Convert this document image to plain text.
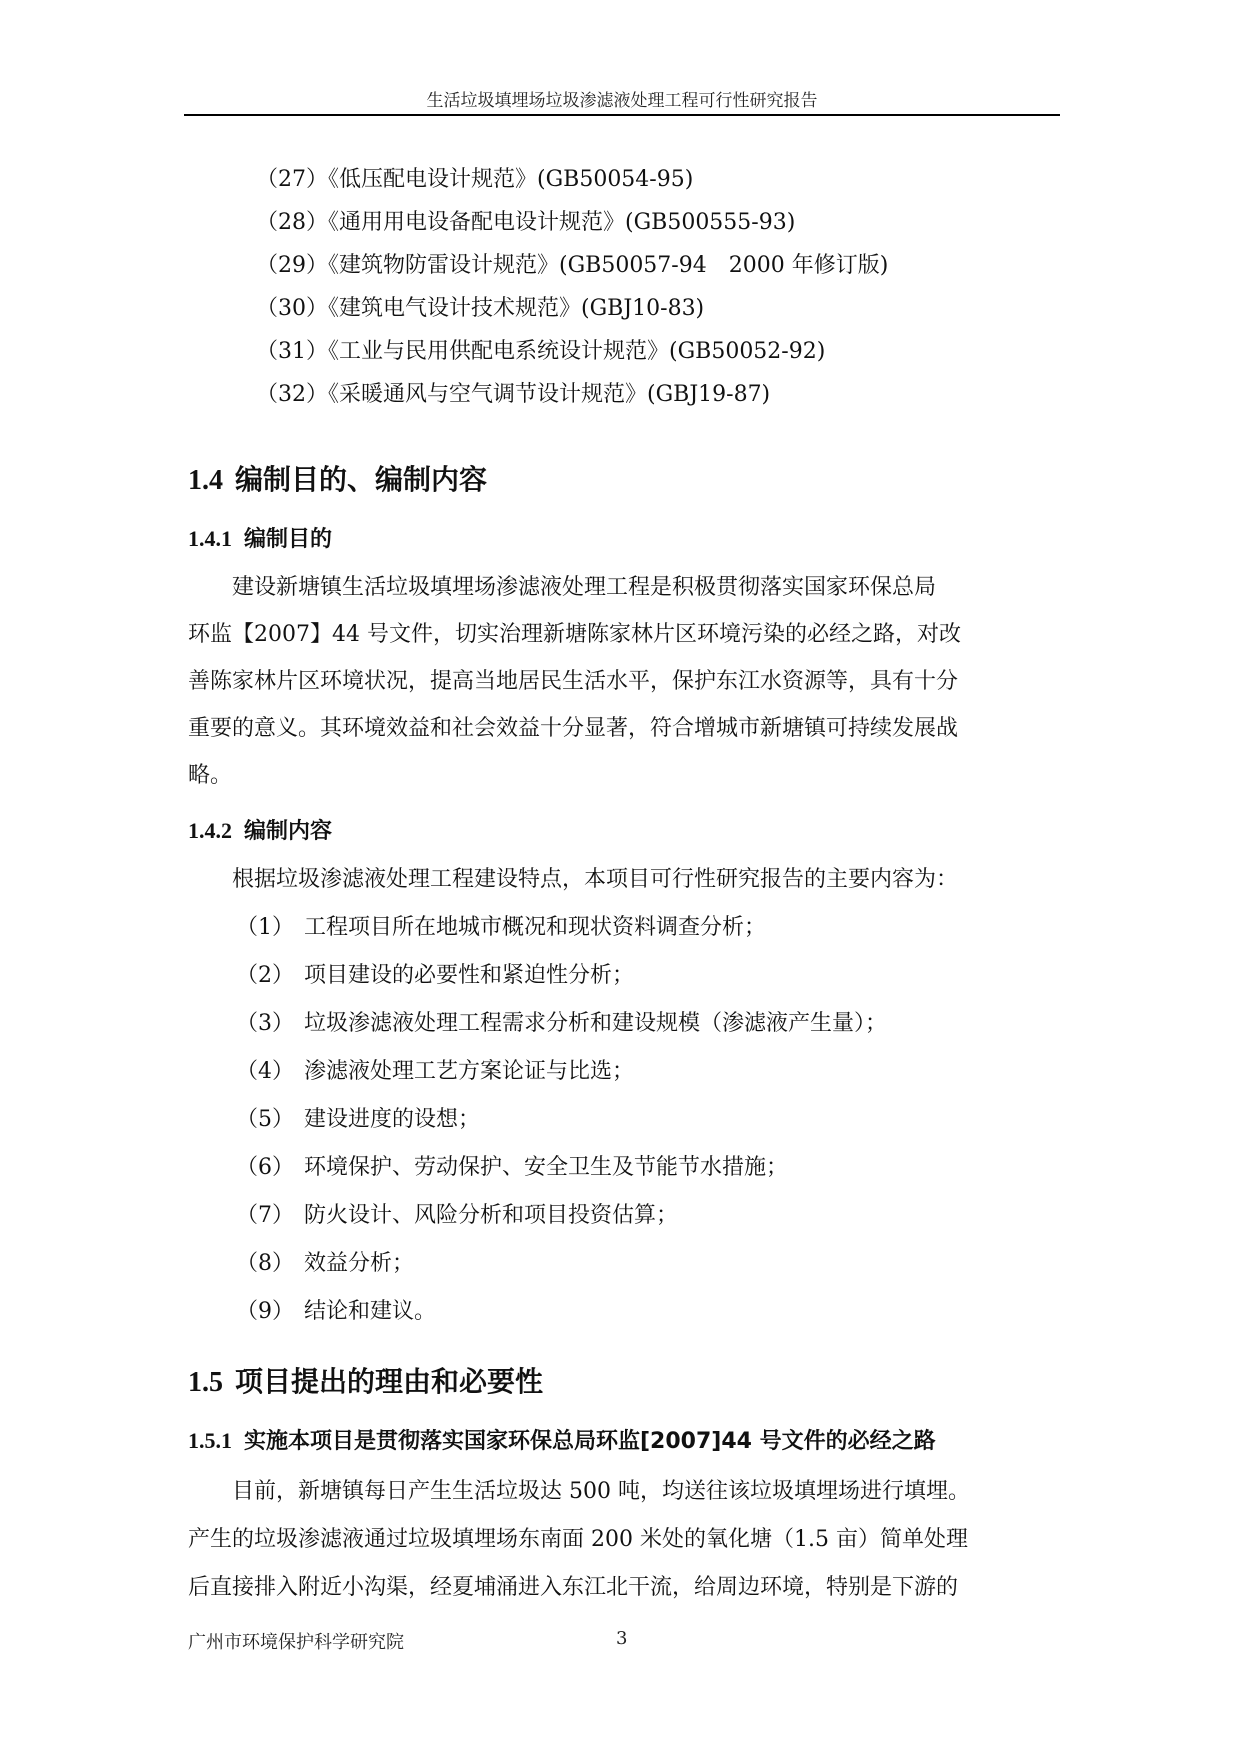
生活垃圾填埋场垃圾渗滤液处理工程可行性研究报告
（27）《低压配电设计规范》(GB50054-95)
（28）《通用用电设备配电设计规范》(GB500555-93)
（29）《建筑物防雷设计规范》(GB50057-94　2000 年修订版)
（30）《建筑电气设计技术规范》(GBJ10-83)
（31）《工业与民用供配电系统设计规范》(GB50052-92)
（32）《采暖通风与空气调节设计规范》(GBJ19-87)
1.4 编制目的、编制内容
1.4.1 编制目的
建设新塘镇生活垃圾填埋场渗滤液处理工程是积极贯彻落实国家环保总局
环监【2007】44 号文件，切实治理新塘陈家林片区环境污染的必经之路，对改
善陈家林片区环境状况，提高当地居民生活水平，保护东江水资源等，具有十分
重要的意义。其环境效益和社会效益十分显著，符合增城市新塘镇可持续发展战
略。
1.4.2 编制内容
根据垃圾渗滤液处理工程建设特点，本项目可行性研究报告的主要内容为：
（1） 工程项目所在地城市概况和现状资料调查分析；
（2） 项目建设的必要性和紧迫性分析；
（3） 垃圾渗滤液处理工程需求分析和建设规模（渗滤液产生量）；
（4） 渗滤液处理工艺方案论证与比选；
（5） 建设进度的设想；
（6） 环境保护、劳动保护、安全卫生及节能节水措施；
（7） 防火设计、风险分析和项目投资估算；
（8） 效益分析；
（9） 结论和建议。
1.5 项目提出的理由和必要性
1.5.1 实施本项目是贯彻落实国家环保总局环监[2007]44 号文件的必经之路
目前，新塘镇每日产生生活垃圾达 500 吨，均送往该垃圾填埋场进行填埋。
产生的垃圾渗滤液通过垃圾填埋场东南面 200 米处的氧化塘（1.5 亩）简单处理
后直接排入附近小沟渠，经夏埔涌进入东江北干流，给周边环境，特别是下游的
广州市环境保护科学研究院	3
